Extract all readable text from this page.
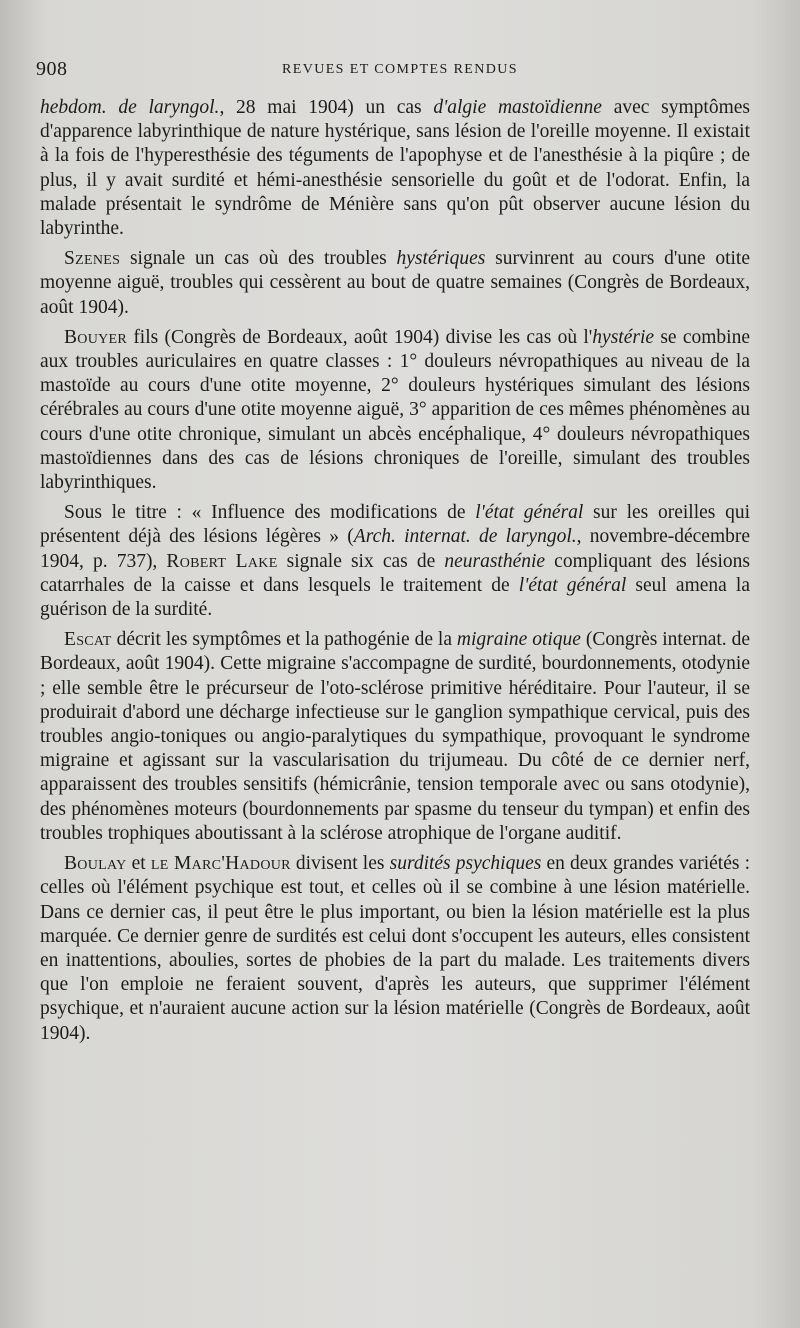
908	REVUES ET COMPTES RENDUS

hebdom. de laryngol., 28 mai 1904) un cas d'algie mastoïdienne avec symptômes d'apparence labyrinthique de nature hystérique, sans lésion de l'oreille moyenne. Il existait à la fois de l'hyperesthésie des téguments de l'apophyse et de l'anesthésie à la piqûre ; de plus, il y avait surdité et hémi-anesthésie sensorielle du goût et de l'odorat. Enfin, la malade présentait le syndrôme de Ménière sans qu'on pût observer aucune lésion du labyrinthe.

Szenes signale un cas où des troubles hystériques survinrent au cours d'une otite moyenne aiguë, troubles qui cessèrent au bout de quatre semaines (Congrès de Bordeaux, août 1904).

Bouyer fils (Congrès de Bordeaux, août 1904) divise les cas où l'hystérie se combine aux troubles auriculaires en quatre classes : 1° douleurs névropathiques au niveau de la mastoïde au cours d'une otite moyenne, 2° douleurs hystériques simulant des lésions cérébrales au cours d'une otite moyenne aiguë, 3° apparition de ces mêmes phénomènes au cours d'une otite chronique, simulant un abcès encéphalique, 4° douleurs névropathiques mastoïdiennes dans des cas de lésions chroniques de l'oreille, simulant des troubles labyrinthiques.

Sous le titre : « Influence des modifications de l'état général sur les oreilles qui présentent déjà des lésions légères » (Arch. internat. de laryngol., novembre-décembre 1904, p. 737), Robert Lake signale six cas de neurasthénie compliquant des lésions catarrhales de la caisse et dans lesquels le traitement de l'état général seul amena la guérison de la surdité.

Escat décrit les symptômes et la pathogénie de la migraine otique (Congrès internat. de Bordeaux, août 1904). Cette migraine s'accompagne de surdité, bourdonnements, otodynie ; elle semble être le précurseur de l'oto-sclérose primitive héréditaire. Pour l'auteur, il se produirait d'abord une décharge infectieuse sur le ganglion sympathique cervical, puis des troubles angio-toniques ou angio-paralytiques du sympathique, provoquant le syndrome migraine et agissant sur la vascularisation du trijumeau. Du côté de ce dernier nerf, apparaissent des troubles sensitifs (hémicrânie, tension temporale avec ou sans otodynie), des phénomènes moteurs (bourdonnements par spasme du tenseur du tympan) et enfin des troubles trophiques aboutissant à la sclérose atrophique de l'organe auditif.

Boulay et le Marc'Hadour divisent les surdités psychiques en deux grandes variétés : celles où l'élément psychique est tout, et celles où il se combine à une lésion matérielle. Dans ce dernier cas, il peut être le plus important, ou bien la lésion matérielle est la plus marquée. Ce dernier genre de surdités est celui dont s'occupent les auteurs, elles consistent en inattentions, aboulies, sortes de phobies de la part du malade. Les traitements divers que l'on emploie ne feraient souvent, d'après les auteurs, que supprimer l'élément psychique, et n'auraient aucune action sur la lésion matérielle (Congrès de Bordeaux, août 1904).
